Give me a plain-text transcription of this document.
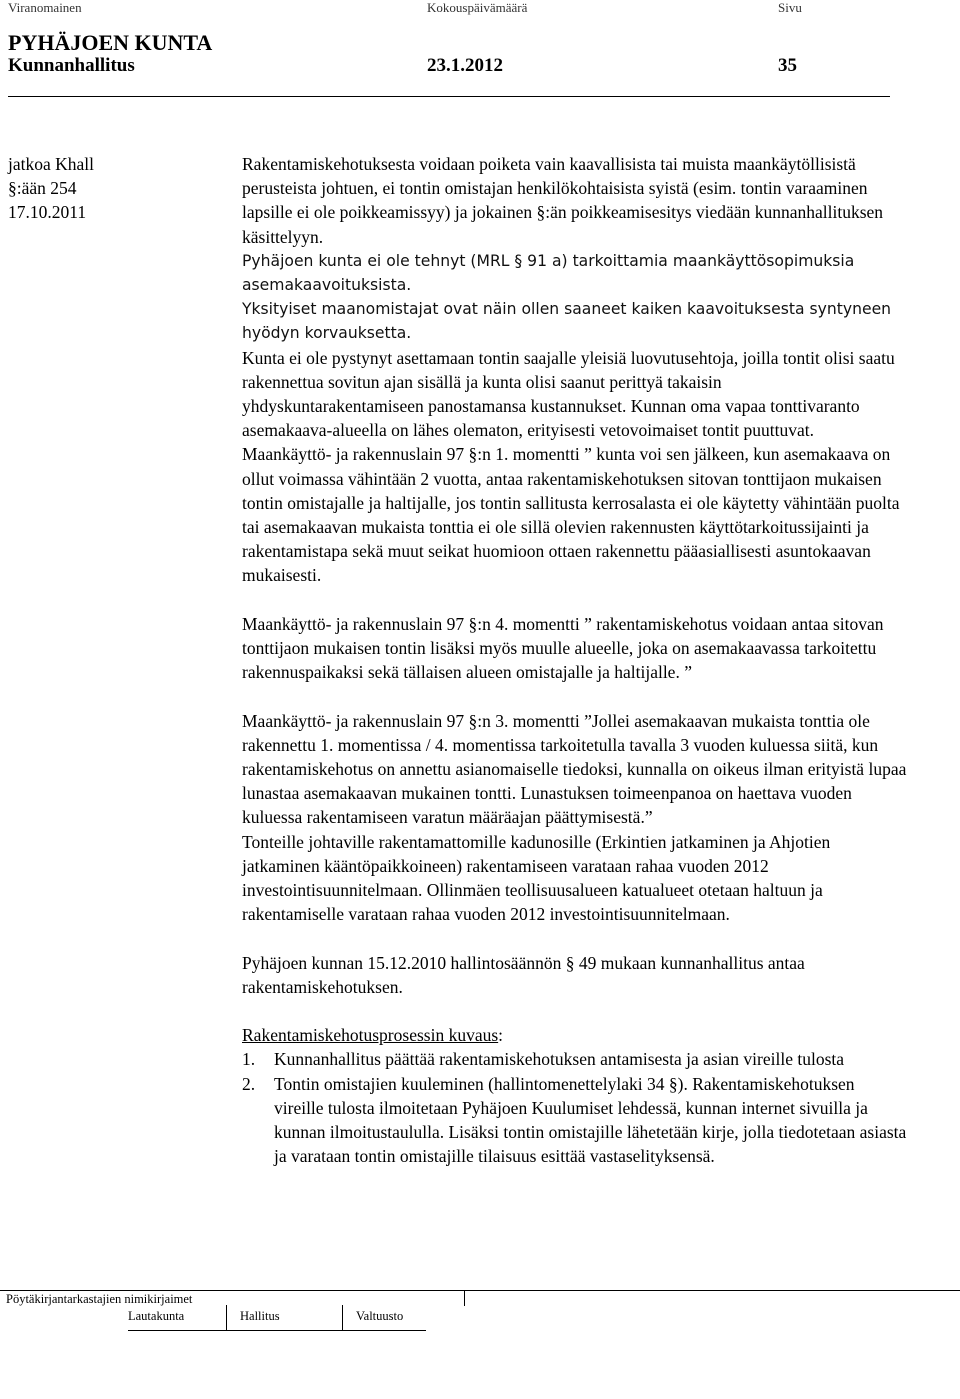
Viranomainen	Kokouspäivämäärä	Sivu
PYHÄJOEN KUNTA
Kunnanhallitus	23.1.2012	35
jatkoa Khall
§:ään 254
17.10.2011

Rakentamiskehotuksesta voidaan poiketa vain kaavallisista tai muista maankäytöllisistä perusteista johtuen, ei tontin omistajan henkilökohtaisista syistä (esim. tontin varaaminen lapsille ei ole poikkeamissyy) ja jokainen §:än poikkeamisesitys viedään kunnanhallituksen käsittelyyn.

Pyhäjoen kunta ei ole tehnyt (MRL § 91 a) tarkoittamia maankäyttösopimuksia asemakaavoituksista.

Yksityiset maanomistajat ovat näin ollen saaneet kaiken kaavoituksesta syntyneen hyödyn korvauksetta.

Kunta ei ole pystynyt asettamaan tontin saajalle yleisiä luovutusehtoja, joilla tontit olisi saatu rakennettua sovitun ajan sisällä ja kunta olisi saanut perittyä takaisin yhdyskuntarakentamiseen panostamansa kustannukset. Kunnan oma vapaa tonttivaranto asemakaava-alueella on lähes olematon, erityisesti vetovoimaiset tontit puuttuvat. Maankäyttö- ja rakennuslain 97 §:n 1. momentti ” kunta voi sen jälkeen, kun asemakaava on ollut voimassa vähintään 2 vuotta, antaa rakentamiskehotuksen sitovan tonttijaon mukaisen tontin omistajalle ja haltijalle, jos tontin sallitusta kerrosalasta ei ole käytetty vähintään puolta tai asemakaavan mukaista tonttia ei ole sillä olevien rakennusten käyttötarkoitussijainti ja rakentamistapa sekä muut seikat huomioon ottaen rakennettu pääasiallisesti asuntokaavan mukaisesti.

Maankäyttö- ja rakennuslain 97 §:n 4. momentti ” rakentamiskehotus voidaan antaa sitovan tonttijaon mukaisen tontin lisäksi myös muulle alueelle, joka on asemakaavassa tarkoitettu rakennuspaikaksi sekä tällaisen alueen omistajalle ja haltijalle. ”

Maankäyttö- ja rakennuslain 97 §:n 3. momentti ”Jollei asemakaavan mukaista tonttia ole rakennettu 1. momentissa / 4. momentissa tarkoitetulla tavalla 3 vuoden kuluessa siitä, kun rakentamiskehotus on annettu asianomaiselle tiedoksi, kunnalla on oikeus ilman erityistä lupaa lunastaa asemakaavan mukainen tontti. Lunastuksen toimeenpanoa on haettava vuoden kuluessa rakentamiseen varatun määräajan päättymisestä.”

Tonteille johtaville rakentamattomille kadunosille (Erkintien jatkaminen ja Ahjotien jatkaminen kääntöpaikkoineen) rakentamiseen varataan rahaa vuoden 2012 investointisuunnitelmaan. Ollinmäen teollisuusalueen katualueet otetaan haltuun ja rakentamiselle varataan rahaa vuoden 2012 investointisuunnitelmaan.

Pyhäjoen kunnan 15.12.2010 hallintosäännön § 49 mukaan kunnanhallitus antaa rakentamiskehotuksen.

Rakentamiskehotusprosessin kuvaus:

1. Kunnanhallitus päättää rakentamiskehotuksen antamisesta ja asian vireille tulosta
2. Tontin omistajien kuuleminen (hallintomenettelylaki 34 §). Rakentamiskehotuksen vireille tulosta ilmoitetaan Pyhäjoen Kuulumiset lehdessä, kunnan internet sivuilla ja kunnan ilmoitustaululla. Lisäksi tontin omistajille lähetetään kirje, jolla tiedotetaan asiasta ja varataan tontin omistajille tilaisuus esittää vastaselityksensä.
Pöytäkirjantarkastajien nimikirjaimet
Lautakunta	Hallitus	Valtuusto
